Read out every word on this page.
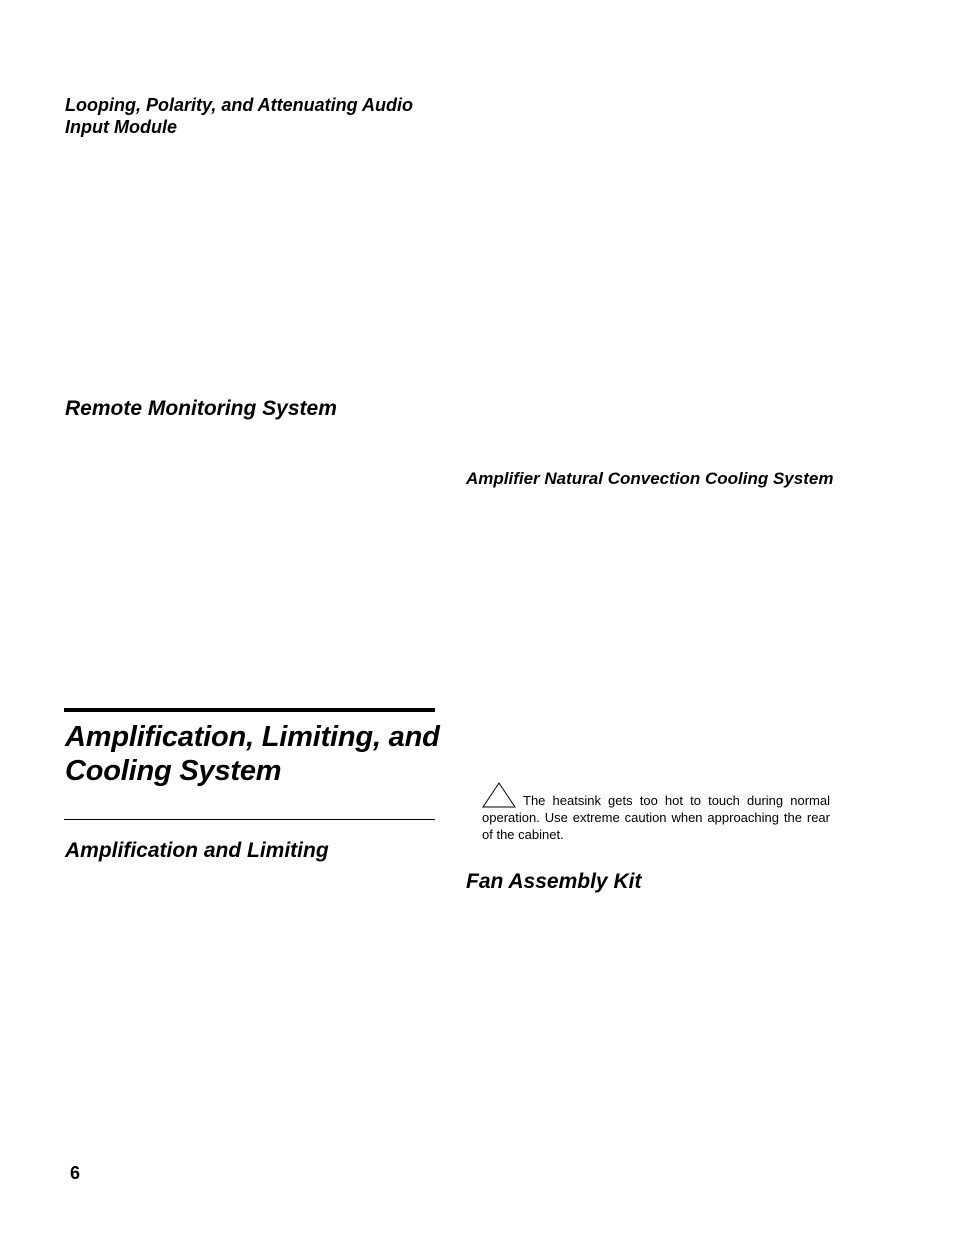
Looping, Polarity, and Attenuating Audio Input Module
Remote Monitoring System
Amplifier Natural Convection Cooling System
Amplification, Limiting, and Cooling System
Amplification and Limiting
The heatsink gets too hot to touch during normal operation. Use extreme caution when approaching the rear of the cabinet.
Fan Assembly Kit
6
